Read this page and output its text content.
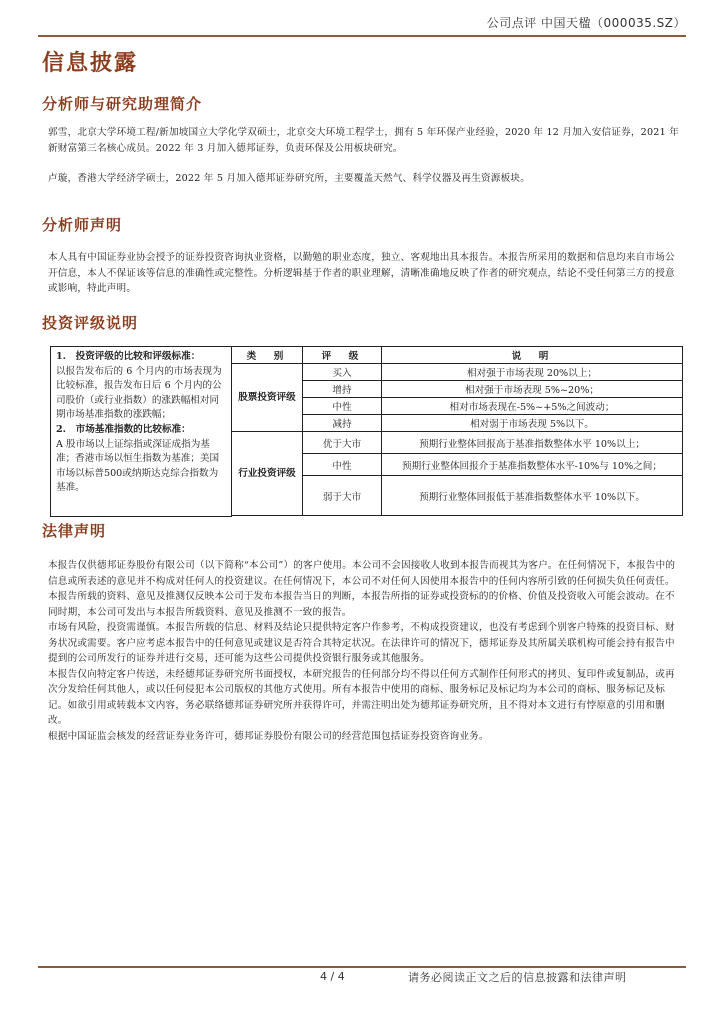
公司点评 中国天楹（000035.SZ）
信息披露
分析师与研究助理简介
郭雪，北京大学环境工程/新加坡国立大学化学双硕士，北京交大环境工程学士，拥有 5 年环保产业经验，2020 年 12 月加入安信证券，2021 年新财富第三名核心成员。2022 年 3 月加入德邦证券，负责环保及公用板块研究。
卢璇，香港大学经济学硕士，2022 年 5 月加入德邦证券研究所，主要覆盖天然气、科学仪器及再生资源板块。
分析师声明
本人具有中国证券业协会授予的证券投资咨询执业资格，以勤勉的职业态度，独立、客观地出具本报告。本报告所采用的数据和信息均来自市场公开信息，本人不保证该等信息的准确性或完整性。分析逻辑基于作者的职业理解，清晰准确地反映了作者的研究观点，结论不受任何第三方的授意或影响，特此声明。
投资评级说明
1.　投资评级的比较和评级标准：
以报告发布后的 6 个月内的市场表现为比较标准，报告发布日后 6 个月内的公司股价（或行业指数）的涨跌幅相对同期市场基准指数的涨跌幅；
2.　市场基准指数的比较标准：
A 股市场以上证综指或深证成指为基准；香港市场以恒生指数为基准；美国市场以标普500或纳斯达克综合指数为基准。	类　别	评　级	说　明
	股票投资评级	买入	相对强于市场表现 20%以上；
		增持	相对强于市场表现 5%~20%；
		中性	相对市场表现在-5%~+5%之间波动；
		减持	相对弱于市场表现 5%以下。
	行业投资评级	优于大市	预期行业整体回报高于基准指数整体水平 10%以上；
		中性	预期行业整体回报介于基准指数整体水平-10%与 10%之间；
		弱于大市	预期行业整体回报低于基准指数整体水平 10%以下。

法律声明

本报告仅供德邦证券股份有限公司（以下简称“本公司”）的客户使用。本公司不会因接收人收到本报告而视其为客户。在任何情况下，本报告中的信息或所表述的意见并不构成对任何人的投资建议。在任何情况下，本公司不对任何人因使用本报告中的任何内容所引致的任何损失负任何责任。

本报告所载的资料、意见及推测仅反映本公司于发布本报告当日的判断，本报告所指的证券或投资标的的价格、价值及投资收入可能会波动。在不同时期，本公司可发出与本报告所载资料、意见及推测不一致的报告。

市场有风险，投资需谨慎。本报告所载的信息、材料及结论只提供特定客户作参考，不构成投资建议，也没有考虑到个别客户特殊的投资目标、财务状况或需要。客户应考虑本报告中的任何意见或建议是否符合其特定状况。在法律许可的情况下，德邦证券及其所属关联机构可能会持有报告中提到的公司所发行的证券并进行交易，还可能为这些公司提供投资银行服务或其他服务。

本报告仅向特定客户传送，未经德邦证券研究所书面授权，本研究报告的任何部分均不得以任何方式制作任何形式的拷贝、复印件或复制品，或再次分发给任何其他人，或以任何侵犯本公司版权的其他方式使用。所有本报告中使用的商标、服务标记及标记均为本公司的商标、服务标记及标记。如欲引用或转载本文内容，务必联络德邦证券研究所并获得许可，并需注明出处为德邦证券研究所，且不得对本文进行有悖原意的引用和删改。

根据中国证监会核发的经营证券业务许可，德邦证券股份有限公司的经营范围包括证券投资咨询业务。

4 / 4	请务必阅读正文之后的信息披露和法律声明
